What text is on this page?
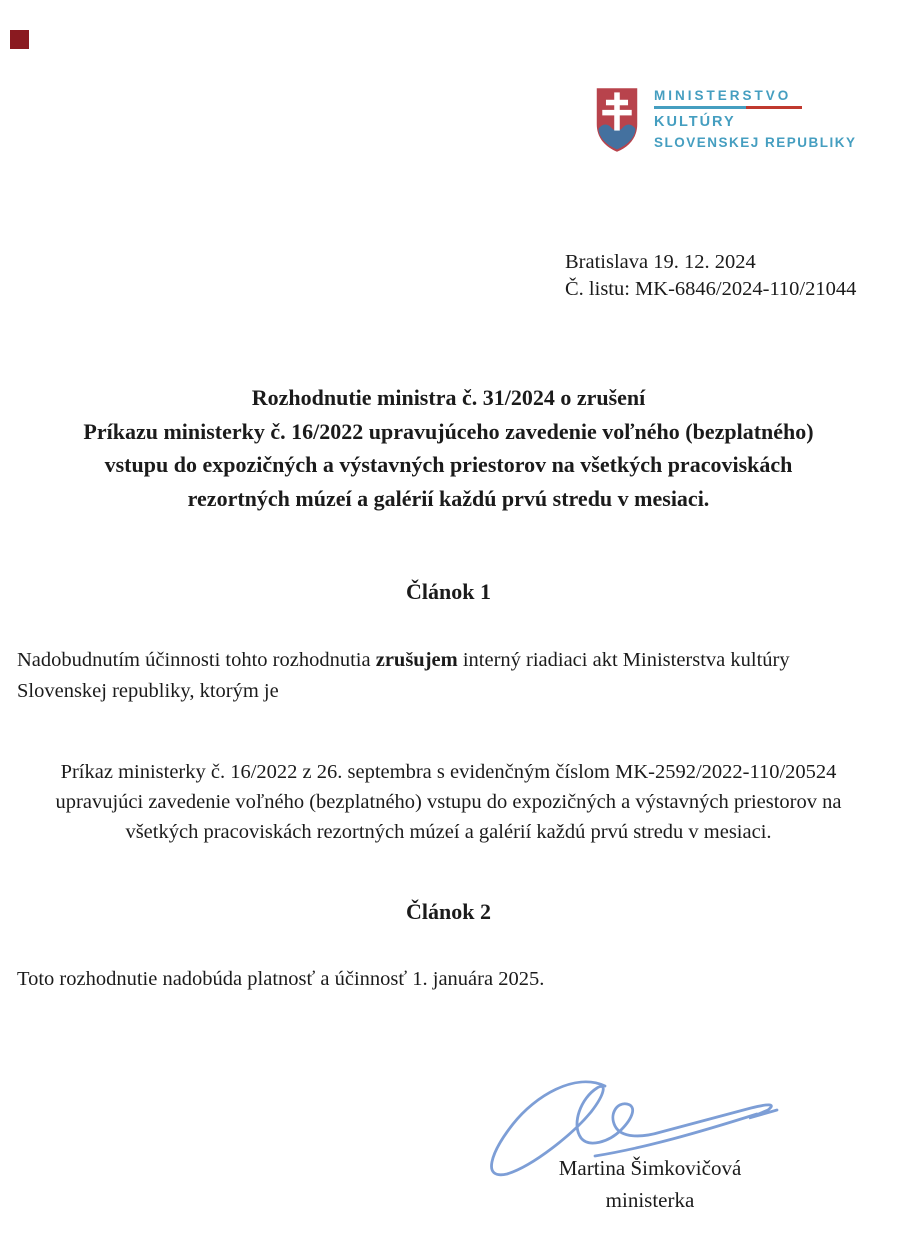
MINISTERSTVO
KULTÚRY
SLOVENSKEJ REPUBLIKY
Bratislava 19. 12. 2024
Č. listu: MK-6846/2024-110/21044
Rozhodnutie ministra č. 31/2024 o zrušení
Príkazu ministerky č. 16/2022 upravujúceho zavedenie voľného (bezplatného)
vstupu do expozičných a výstavných priestorov na všetkých pracoviskách
rezortných múzeí a galérií každú prvú stredu v mesiaci.
Článok 1
Nadobudnutím účinnosti tohto rozhodnutia zrušujem interný riadiaci akt Ministerstva kultúry Slovenskej republiky, ktorým je
Príkaz ministerky č. 16/2022 z 26. septembra s evidenčným číslom MK-2592/2022-110/20524
upravujúci zavedenie voľného (bezplatného) vstupu do expozičných a výstavných priestorov na
všetkých pracoviskách rezortných múzeí a galérií každú prvú stredu v mesiaci.
Článok 2
Toto rozhodnutie nadobúda platnosť a účinnosť 1. januára 2025.
Martina Šimkovičová
ministerka
